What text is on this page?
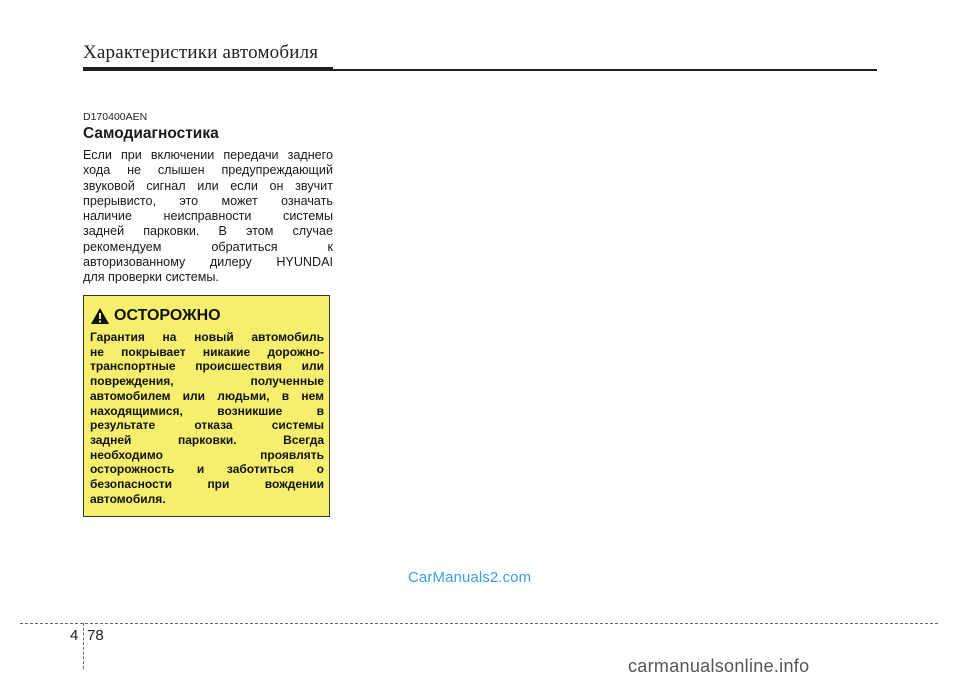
Характеристики автомобиля
D170400AEN
Самодиагностика
Если при включении передачи заднего
хода не слышен предупреждающий
звуковой сигнал или если он звучит
прерывисто, это может означать
наличие неисправности системы
задней парковки. В этом случае
рекомендуем обратиться к
авторизованному дилеру HYUNDAI
для проверки системы.
ОСТОРОЖНО
Гарантия на новый автомобиль
не покрывает никакие дорожно-
транспортные происшествия или
повреждения, полученные
автомобилем или людьми, в нем
находящимися, возникшие в
результате отказа системы
задней парковки. Всегда
необходимо проявлять
осторожность и заботиться о
безопасности при вождении
автомобиля.
CarManuals2.com
4 78
carmanualsonline.info
